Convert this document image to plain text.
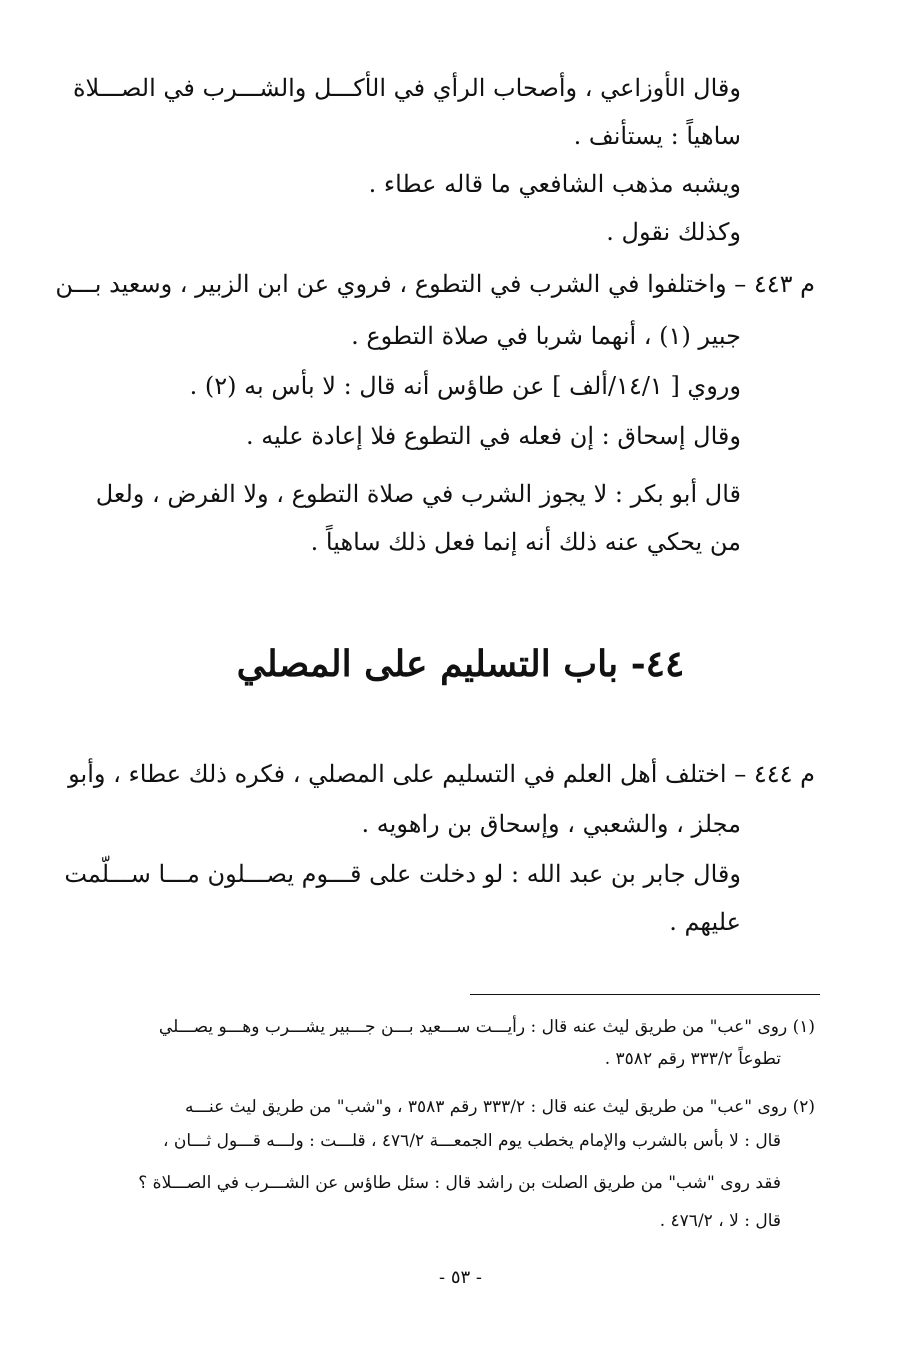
وقال الأوزاعي ، وأصحاب الرأي في الأكـــل والشـــرب في الصـــلاة
ساهياً : يستأنف .
ويشبه مذهب الشافعي ما قاله عطاء .
وكذلك نقول .
م ٤٤٣ – واختلفوا في الشرب في التطوع ، فروي عن ابن الزبير ، وسعيد بـــن
جبير (١) ، أنهما شربا في صلاة التطوع .
وروي [ ١٤/١/ألف ] عن طاؤس أنه قال : لا بأس به (٢) .
وقال إسحاق : إن فعله في التطوع فلا إعادة عليه .
قال أبو بكر : لا يجوز الشرب في صلاة التطوع ، ولا الفرض ، ولعل
من يحكي عنه ذلك أنه إنما فعل ذلك ساهياً .
٤٤- باب التسليم على المصلي
م ٤٤٤ – اختلف أهل العلم في التسليم على المصلي ، فكره ذلك عطاء ، وأبو
مجلز ، والشعبي ، وإسحاق بن راهويه .
وقال جابر بن عبد الله : لو دخلت على قـــوم يصـــلون مـــا ســـلّمت
عليهم .
(١) روى "عب" من طريق ليث عنه قال : رأيـــت ســـعيد بـــن جـــبير يشـــرب وهـــو يصـــلي
تطوعاً ٣٣٣/٢ رقم ٣٥٨٢ .
(٢) روى "عب" من طريق ليث عنه قال : ٣٣٣/٢ رقم ٣٥٨٣ ، و"شب" من طريق ليث عنـــه
قال : لا بأس بالشرب والإمام يخطب يوم الجمعـــة ٤٧٦/٢ ، قلـــت : ولـــه قـــول ثـــان ،
فقد روى "شب" من طريق الصلت بن راشد قال : سئل طاؤس عن الشـــرب في الصـــلاة ؟
قال : لا ، ٤٧٦/٢ .
- ٥٣ -
